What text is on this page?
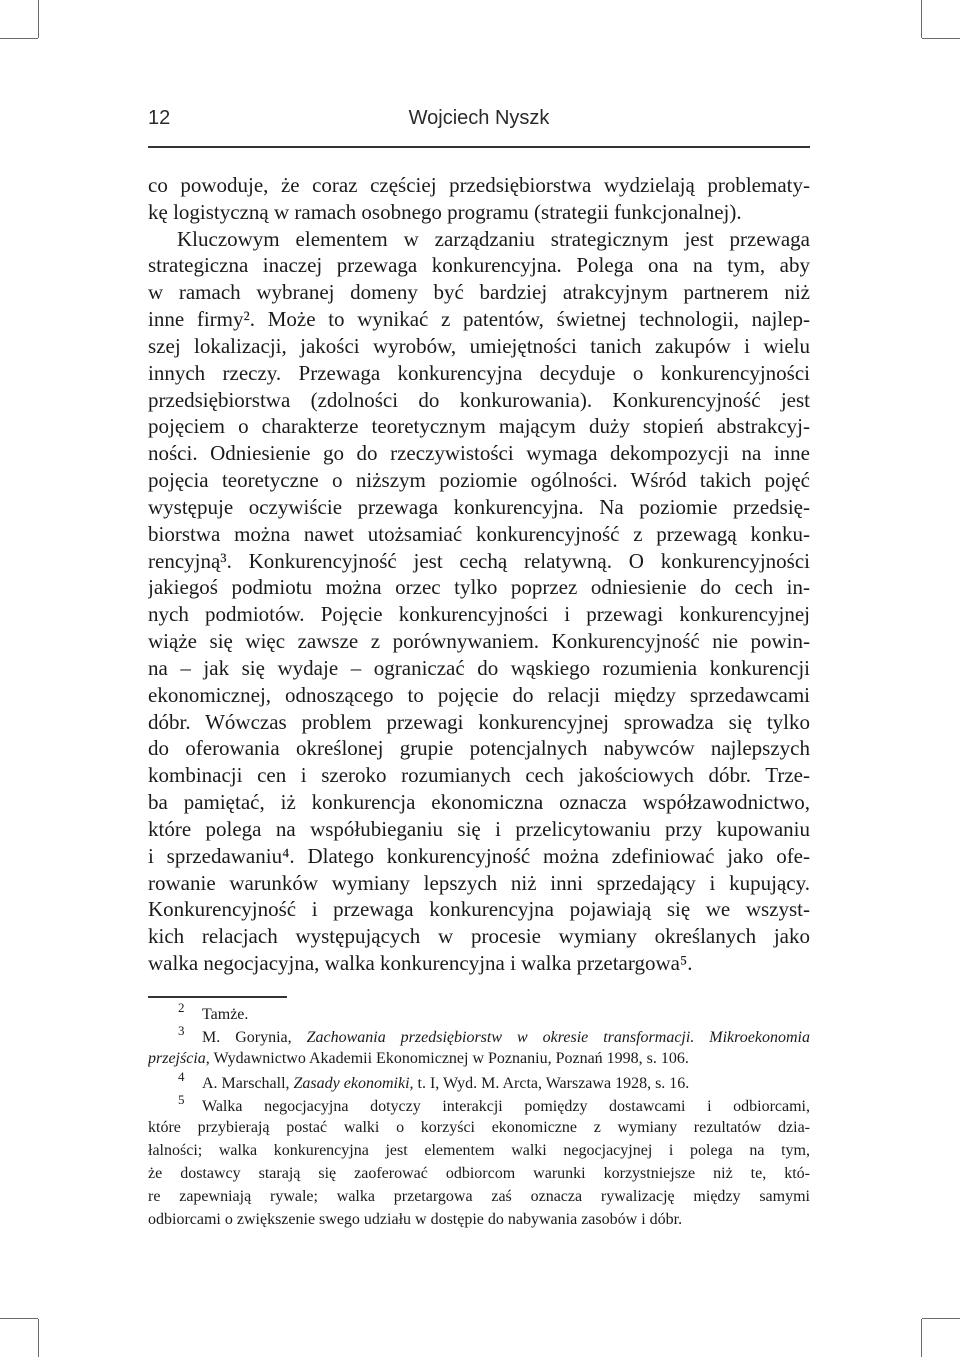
12	Wojciech Nyszk
co powoduje, że coraz częściej przedsiębiorstwa wydzielają problematy-
kę logistyczną w ramach osobnego programu (strategii funkcjonalnej).
Kluczowym elementem w zarządzaniu strategicznym jest przewaga
strategiczna inaczej przewaga konkurencyjna. Polega ona na tym, aby
w ramach wybranej domeny być bardziej atrakcyjnym partnerem niż
inne firmy². Może to wynikać z patentów, świetnej technologii, najlep-
szej lokalizacji, jakości wyrobów, umiejętności tanich zakupów i wielu
innych rzeczy. Przewaga konkurencyjna decyduje o konkurencyjności
przedsiębiorstwa (zdolności do konkurowania). Konkurencyjność jest
pojęciem o charakterze teoretycznym mającym duży stopień abstrakcyj-
ności. Odniesienie go do rzeczywistości wymaga dekompozycji na inne
pojęcia teoretyczne o niższym poziomie ogólności. Wśród takich pojęć
występuje oczywiście przewaga konkurencyjna. Na poziomie przedsię-
biorstwa można nawet utożsamiać konkurencyjność z przewagą konku-
rencyjną³. Konkurencyjność jest cechą relatywną. O konkurencyjności
jakiegoś podmiotu można orzec tylko poprzez odniesienie do cech in-
nych podmiotów. Pojęcie konkurencyjności i przewagi konkurencyjnej
wiąże się więc zawsze z porównywaniem. Konkurencyjność nie powin-
na – jak się wydaje – ograniczać do wąskiego rozumienia konkurencji
ekonomicznej, odnoszącego to pojęcie do relacji między sprzedawcami
dóbr. Wówczas problem przewagi konkurencyjnej sprowadza się tylko
do oferowania określonej grupie potencjalnych nabywców najlepszych
kombinacji cen i szeroko rozumianych cech jakościowych dóbr. Trze-
ba pamiętać, iż konkurencja ekonomiczna oznacza współzawodnictwo,
które polega na współubieganiu się i przelicytowaniu przy kupowaniu
i sprzedawaniu⁴. Dlatego konkurencyjność można zdefiniować jako ofe-
rowanie warunków wymiany lepszych niż inni sprzedający i kupujący.
Konkurencyjność i przewaga konkurencyjna pojawiają się we wszyst-
kich relacjach występujących w procesie wymiany określanych jako
walka negocjacyjna, walka konkurencyjna i walka przetargowa⁵.
2 Tamże.
3 M. Gorynia, Zachowania przedsiębiorstw w okresie transformacji. Mikroekonomia
przejścia, Wydawnictwo Akademii Ekonomicznej w Poznaniu, Poznań 1998, s. 106.
4 A. Marschall, Zasady ekonomiki, t. I, Wyd. M. Arcta, Warszawa 1928, s. 16.
5 Walka negocjacyjna dotyczy interakcji pomiędzy dostawcami i odbiorcami,
które przybierają postać walki o korzyści ekonomiczne z wymiany rezultatów dzia-
łalności; walka konkurencyjna jest elementem walki negocjacyjnej i polega na tym,
że dostawcy starają się zaoferować odbiorcom warunki korzystniejsze niż te, któ-
re zapewniają rywale; walka przetargowa zaś oznacza rywalizację między samymi
odbiorcami o zwiększenie swego udziału w dostępie do nabywania zasobów i dóbr.
